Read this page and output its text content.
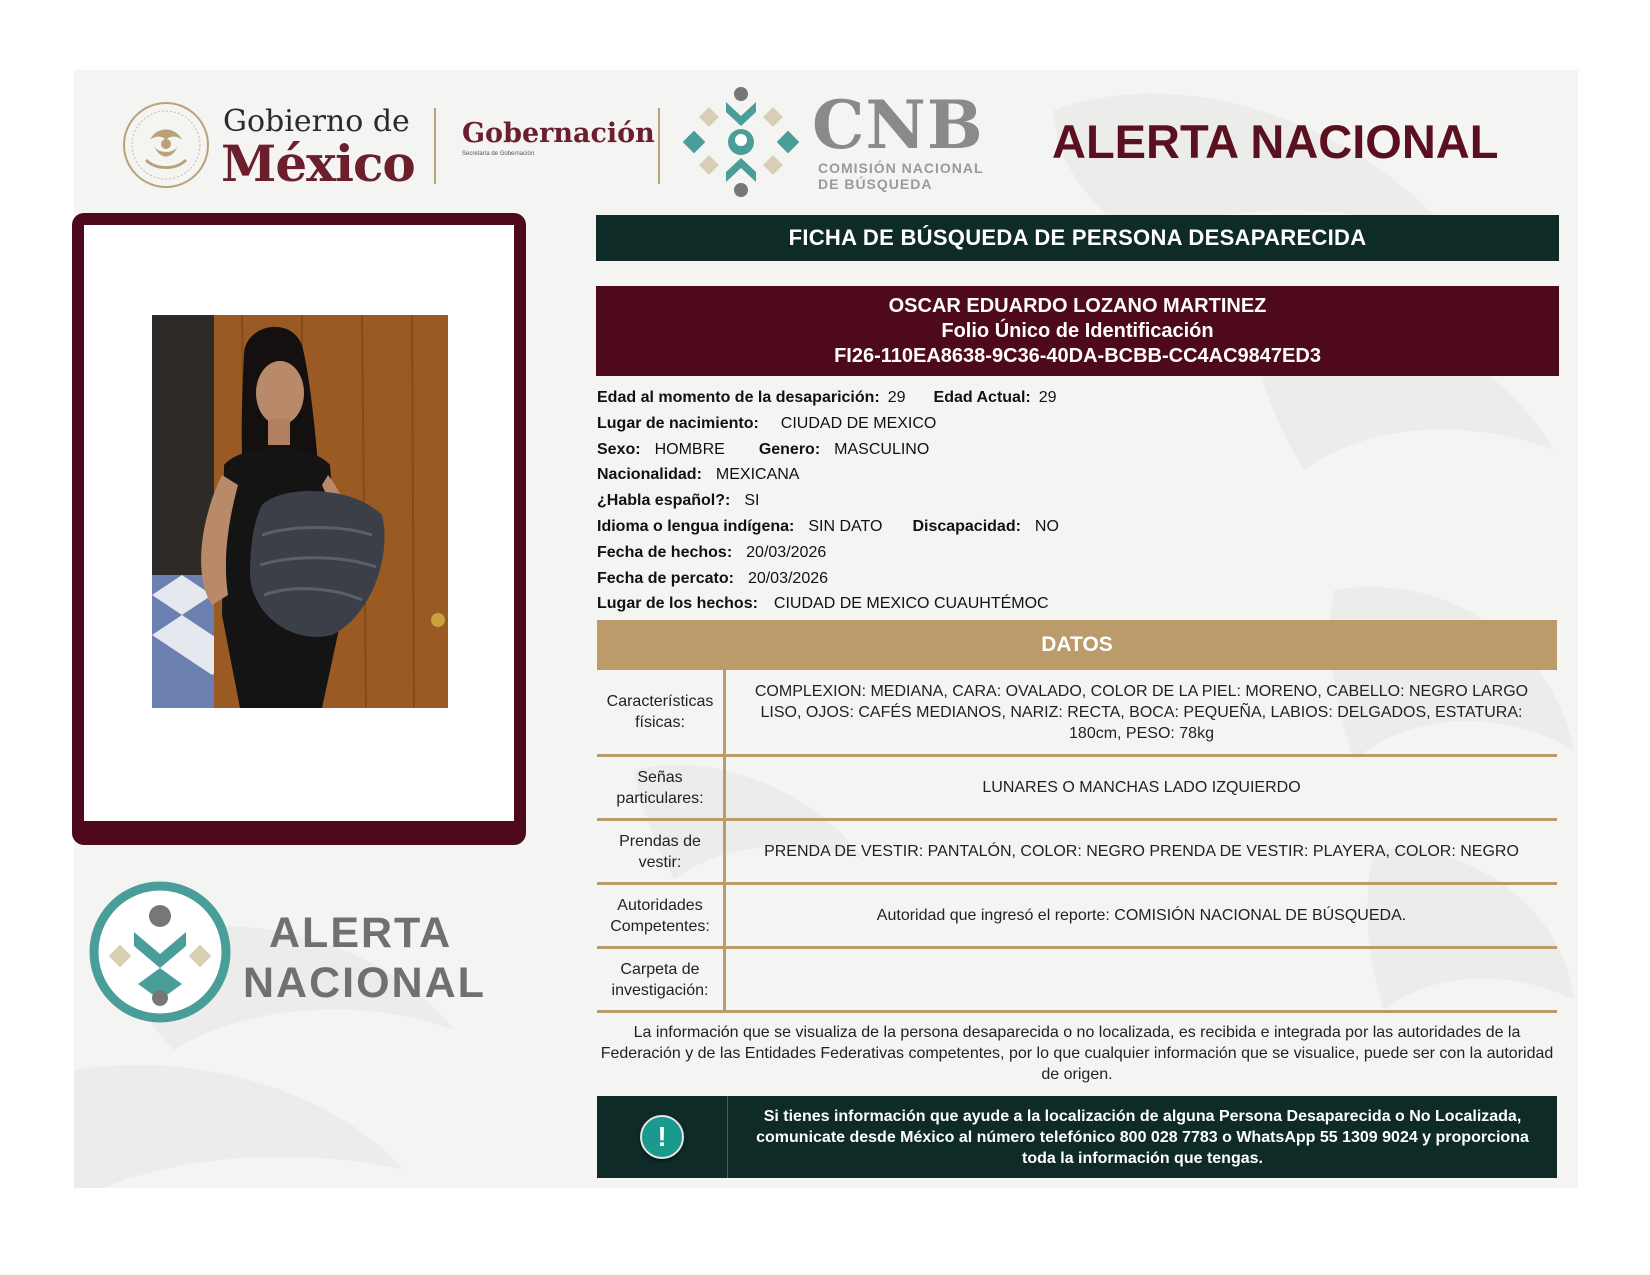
Gobierno de
México
Gobernación
Secretaría de Gobernación	CNB
COMISIÓN NACIONAL
DE BÚSQUEDA
ALERTA NACIONAL
ALERTA
NACIONAL
FICHA DE BÚSQUEDA DE PERSONA DESAPARECIDA
OSCAR EDUARDO LOZANO MARTINEZ
Folio Único de Identificación
FI26-110EA8638-9C36-40DA-BCBB-CC4AC9847ED3
Edad al momento de la desaparición: 29 Edad Actual: 29
Lugar de nacimiento: CIUDAD DE MEXICO
Sexo: HOMBRE Genero: MASCULINO
Nacionalidad: MEXICANA
¿Habla español?: SI
Idioma o lengua indígena: SIN DATO Discapacidad: NO
Fecha de hechos: 20/03/2026
Fecha de percato: 20/03/2026
Lugar de los hechos: CIUDAD DE MEXICO CUAUHTÉMOC
DATOS
Características físicas:
COMPLEXION: MEDIANA, CARA: OVALADO, COLOR DE LA PIEL: MORENO, CABELLO: NEGRO LARGO LISO, OJOS: CAFÉS MEDIANOS, NARIZ: RECTA, BOCA: PEQUEÑA, LABIOS: DELGADOS, ESTATURA: 180cm, PESO: 78kg
Señas particulares:
LUNARES O MANCHAS LADO IZQUIERDO
Prendas de vestir:
PRENDA DE VESTIR: PANTALÓN, COLOR: NEGRO PRENDA DE VESTIR: PLAYERA, COLOR: NEGRO
Autoridades Competentes:
Autoridad que ingresó el reporte: COMISIÓN NACIONAL DE BÚSQUEDA.
Carpeta de investigación:
La información que se visualiza de la persona desaparecida o no localizada, es recibida e integrada por las autoridades de la Federación y de las Entidades Federativas competentes, por lo que cualquier información que se visualice, puede ser con la autoridad de origen.
!
Si tienes información que ayude a la localización de alguna Persona Desaparecida o No Localizada, comunicate desde México al número telefónico 800 028 7783 o WhatsApp 55 1309 9024 y proporciona toda la información que tengas.
